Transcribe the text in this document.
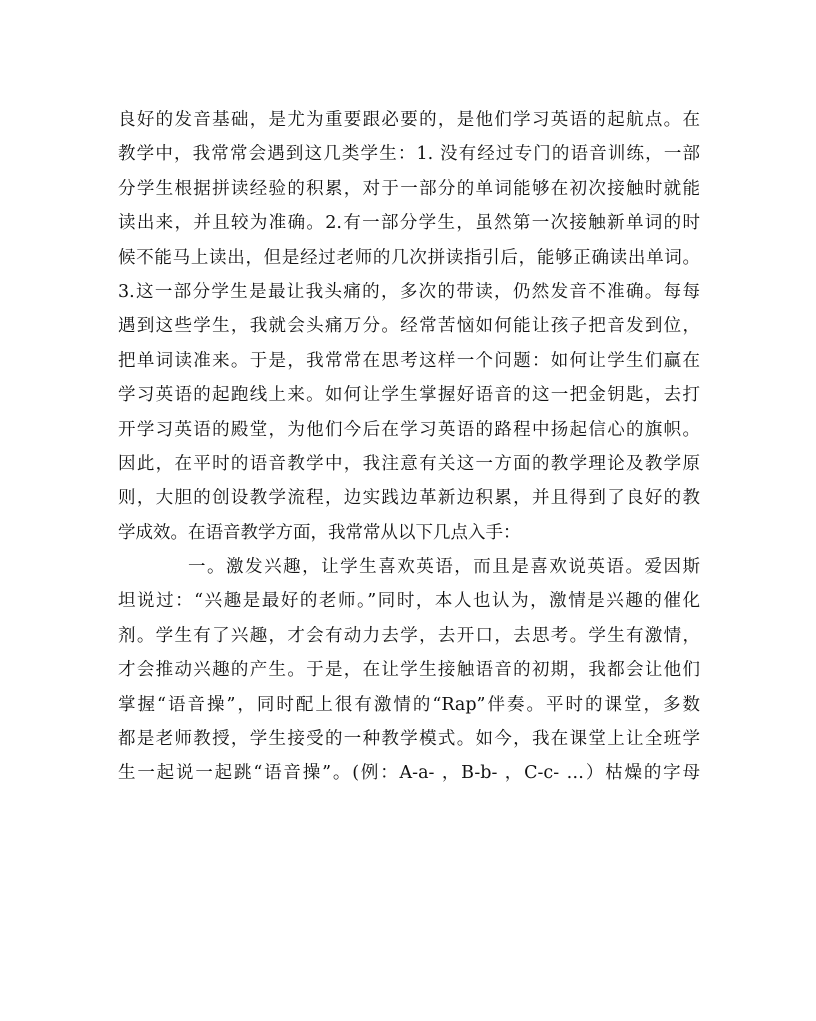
良好的发音基础，是尤为重要跟必要的，是他们学习英语的起航点。在
教学中，我常常会遇到这几类学生：1. 没有经过专门的语音训练，一部
分学生根据拼读经验的积累，对于一部分的单词能够在初次接触时就能
读出来，并且较为准确。2.有一部分学生，虽然第一次接触新单词的时
候不能马上读出，但是经过老师的几次拼读指引后，能够正确读出单词。
3.这一部分学生是最让我头痛的，多次的带读，仍然发音不准确。每每
遇到这些学生，我就会头痛万分。经常苦恼如何能让孩子把音发到位，
把单词读准来。于是，我常常在思考这样一个问题：如何让学生们赢在
学习英语的起跑线上来。如何让学生掌握好语音的这一把金钥匙，去打
开学习英语的殿堂，为他们今后在学习英语的路程中扬起信心的旗帜。
因此，在平时的语音教学中，我注意有关这一方面的教学理论及教学原
则，大胆的创设教学流程，边实践边革新边积累，并且得到了良好的教
学成效。在语音教学方面，我常常从以下几点入手：
一。激发兴趣，让学生喜欢英语，而且是喜欢说英语。爱因斯
坦说过：“兴趣是最好的老师。”同时，本人也认为，激情是兴趣的催化
剂。学生有了兴趣，才会有动力去学，去开口，去思考。学生有激情，
才会推动兴趣的产生。于是，在让学生接触语音的初期，我都会让他们
掌握“语音操”，同时配上很有激情的“Rap”伴奏。平时的课堂，多数
都是老师教授，学生接受的一种教学模式。如今，我在课堂上让全班学
生一起说一起跳“语音操”。(例：A-a- ，B-b- ，C-c- …）枯燥的字母
